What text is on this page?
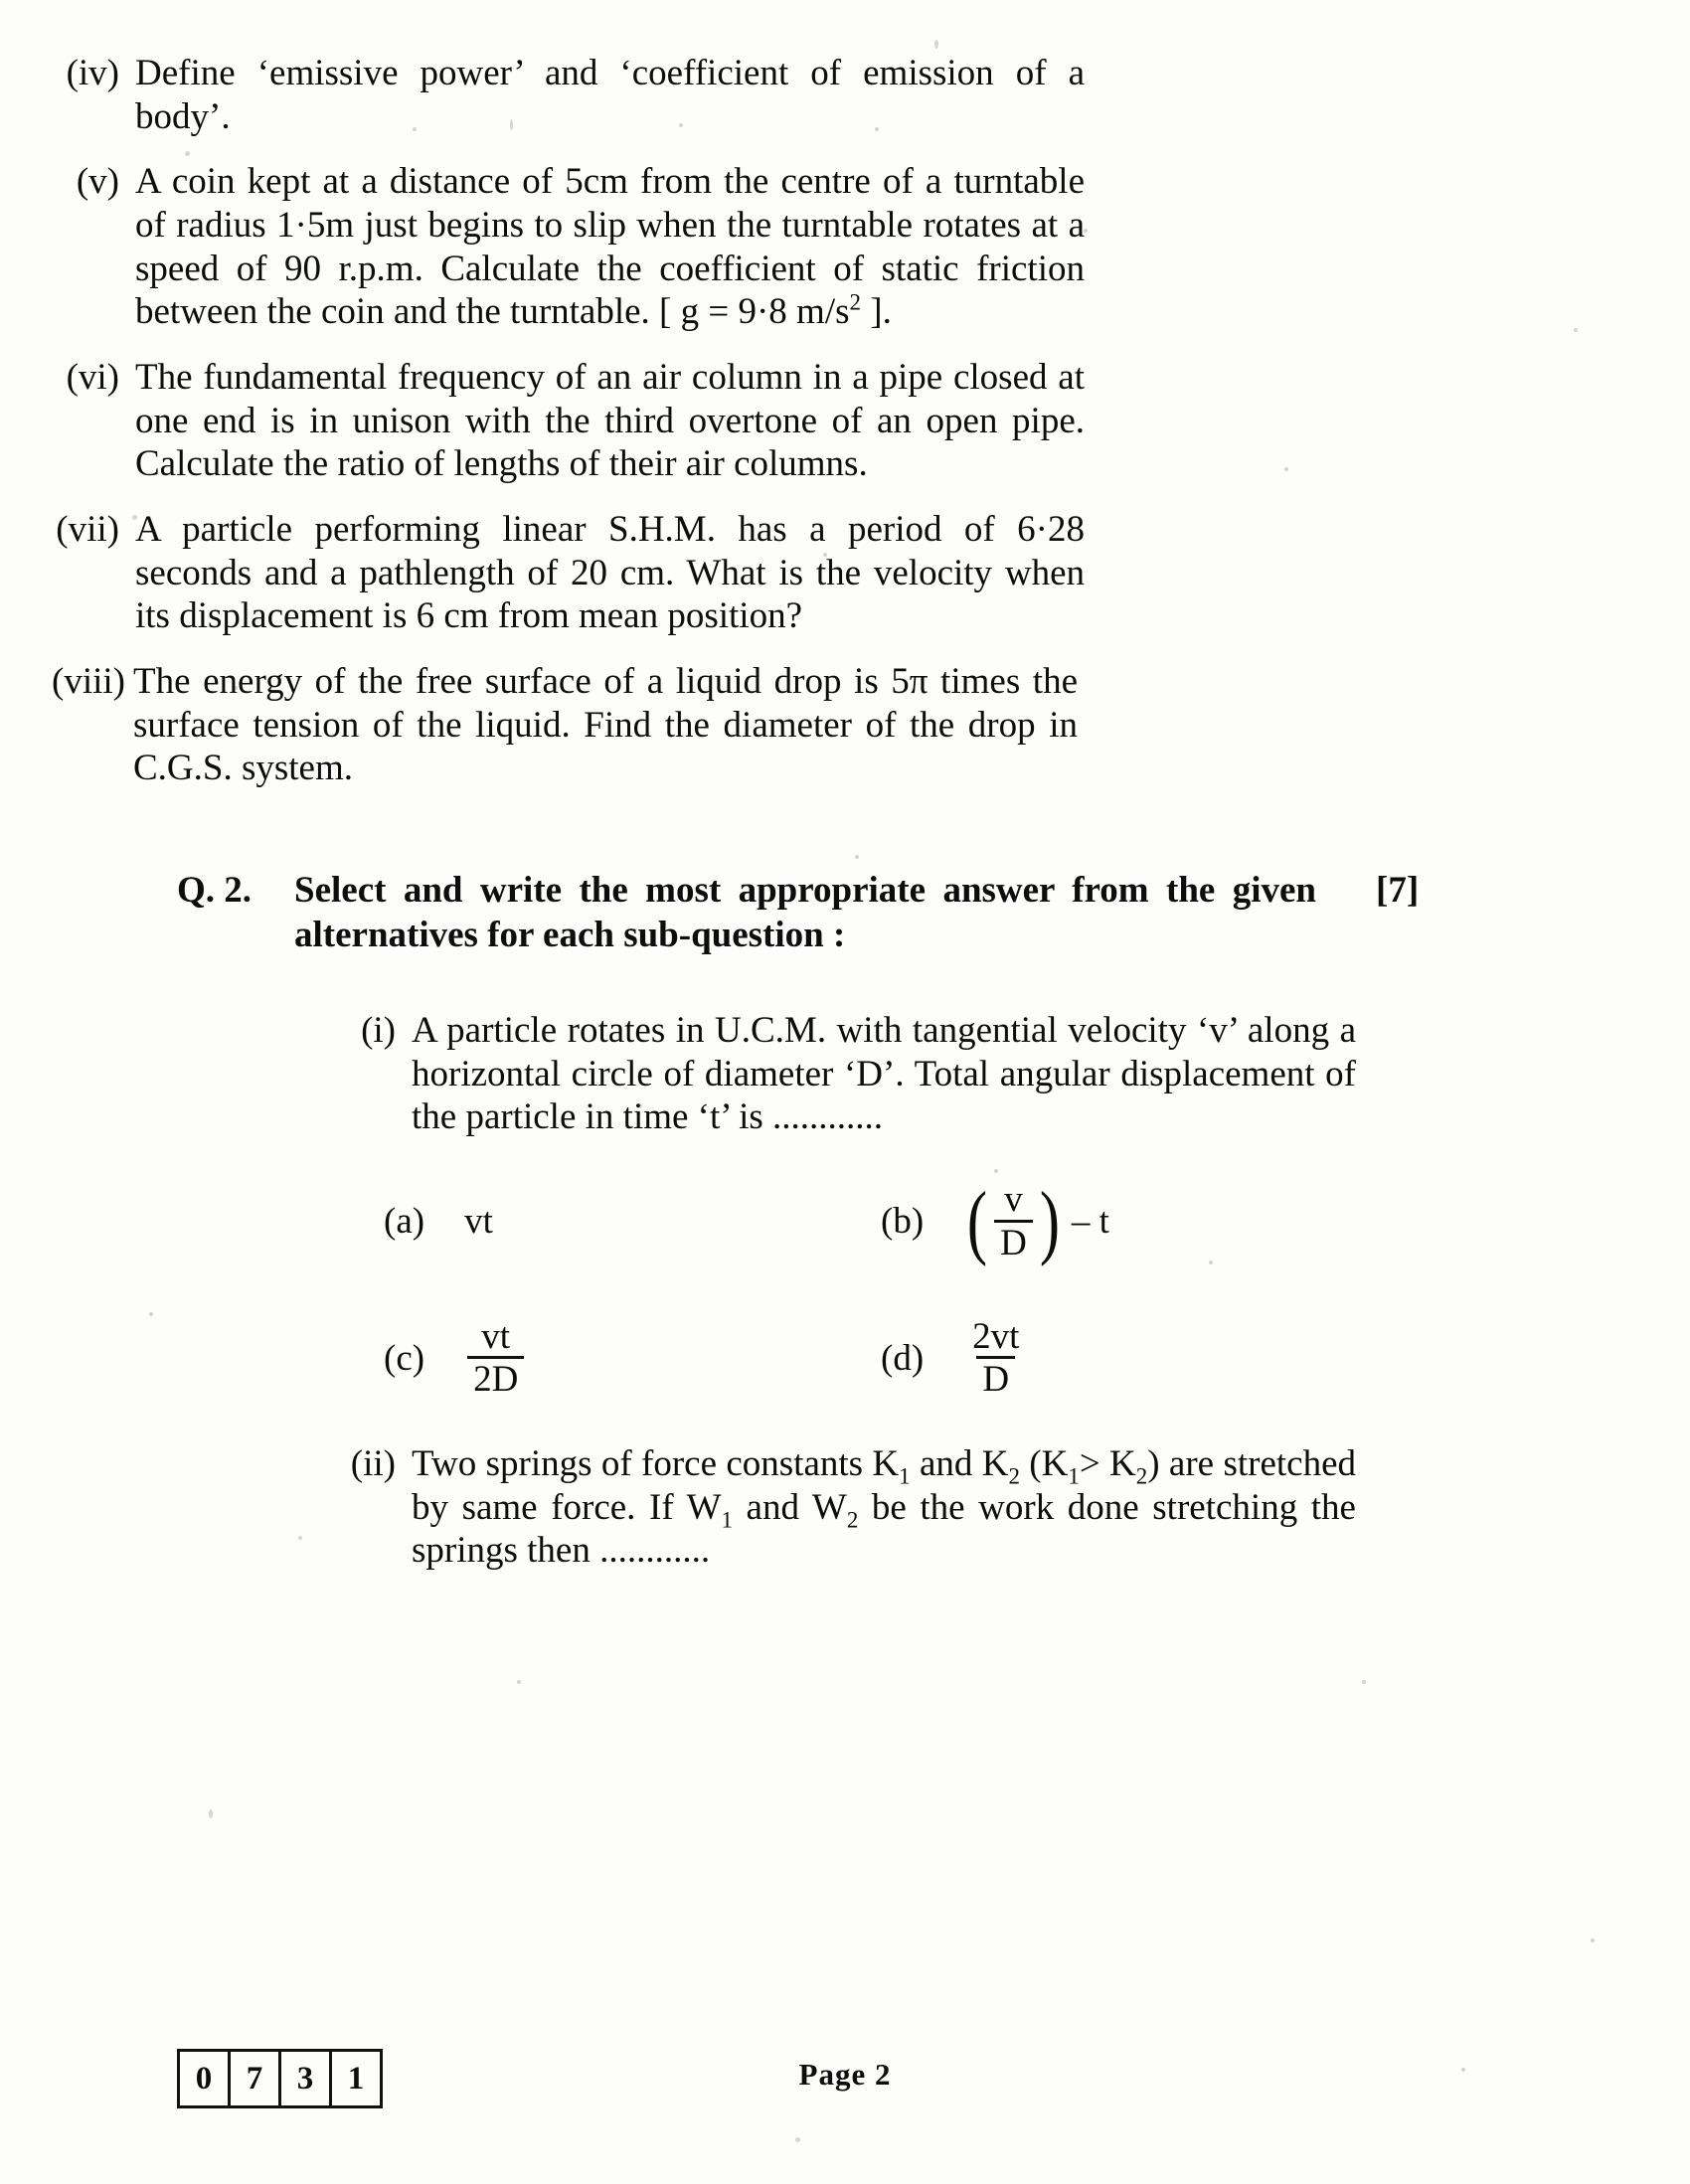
(iv) Define ‘emissive power’ and ‘coefficient of emission of a body’.
(v) A coin kept at a distance of 5cm from the centre of a turntable of radius 1·5m just begins to slip when the turntable rotates at a speed of 90 r.p.m. Calculate the coefficient of static friction between the coin and the turntable. [ g = 9·8 $m/s^2$ ].
(vi) The fundamental frequency of an air column in a pipe closed at one end is in unison with the third overtone of an open pipe. Calculate the ratio of lengths of their air columns.
(vii) A particle performing linear S.H.M. has a period of 6·28 seconds and a pathlength of 20 cm. What is the velocity when its displacement is 6 cm from mean position?
(viii) The energy of the free surface of a liquid drop is 5π times the surface tension of the liquid. Find the diameter of the drop in C.G.S. system.
Q. 2.	Select and write the most appropriate answer from the given alternatives for each sub-question :
[7]
(i) A particle rotates in U.C.M. with tangential velocity ‘v’ along a horizontal circle of diameter ‘D’. Total angular displacement of the particle in time ‘t’ is ............
(a) vt	(b) ( $\frac{v}{D}$ ) – t
$(c) \frac{vt}{2D}$	$(d) \frac{2vt}{D}$
(ii) Two springs of force constants $K_1$ and $K_2$ $(K_1> K_2)$ are stretched by same force. If $W_1$ and $W_2$ be the work done stretching the springs then ............
0	7	3	1	Page 2
